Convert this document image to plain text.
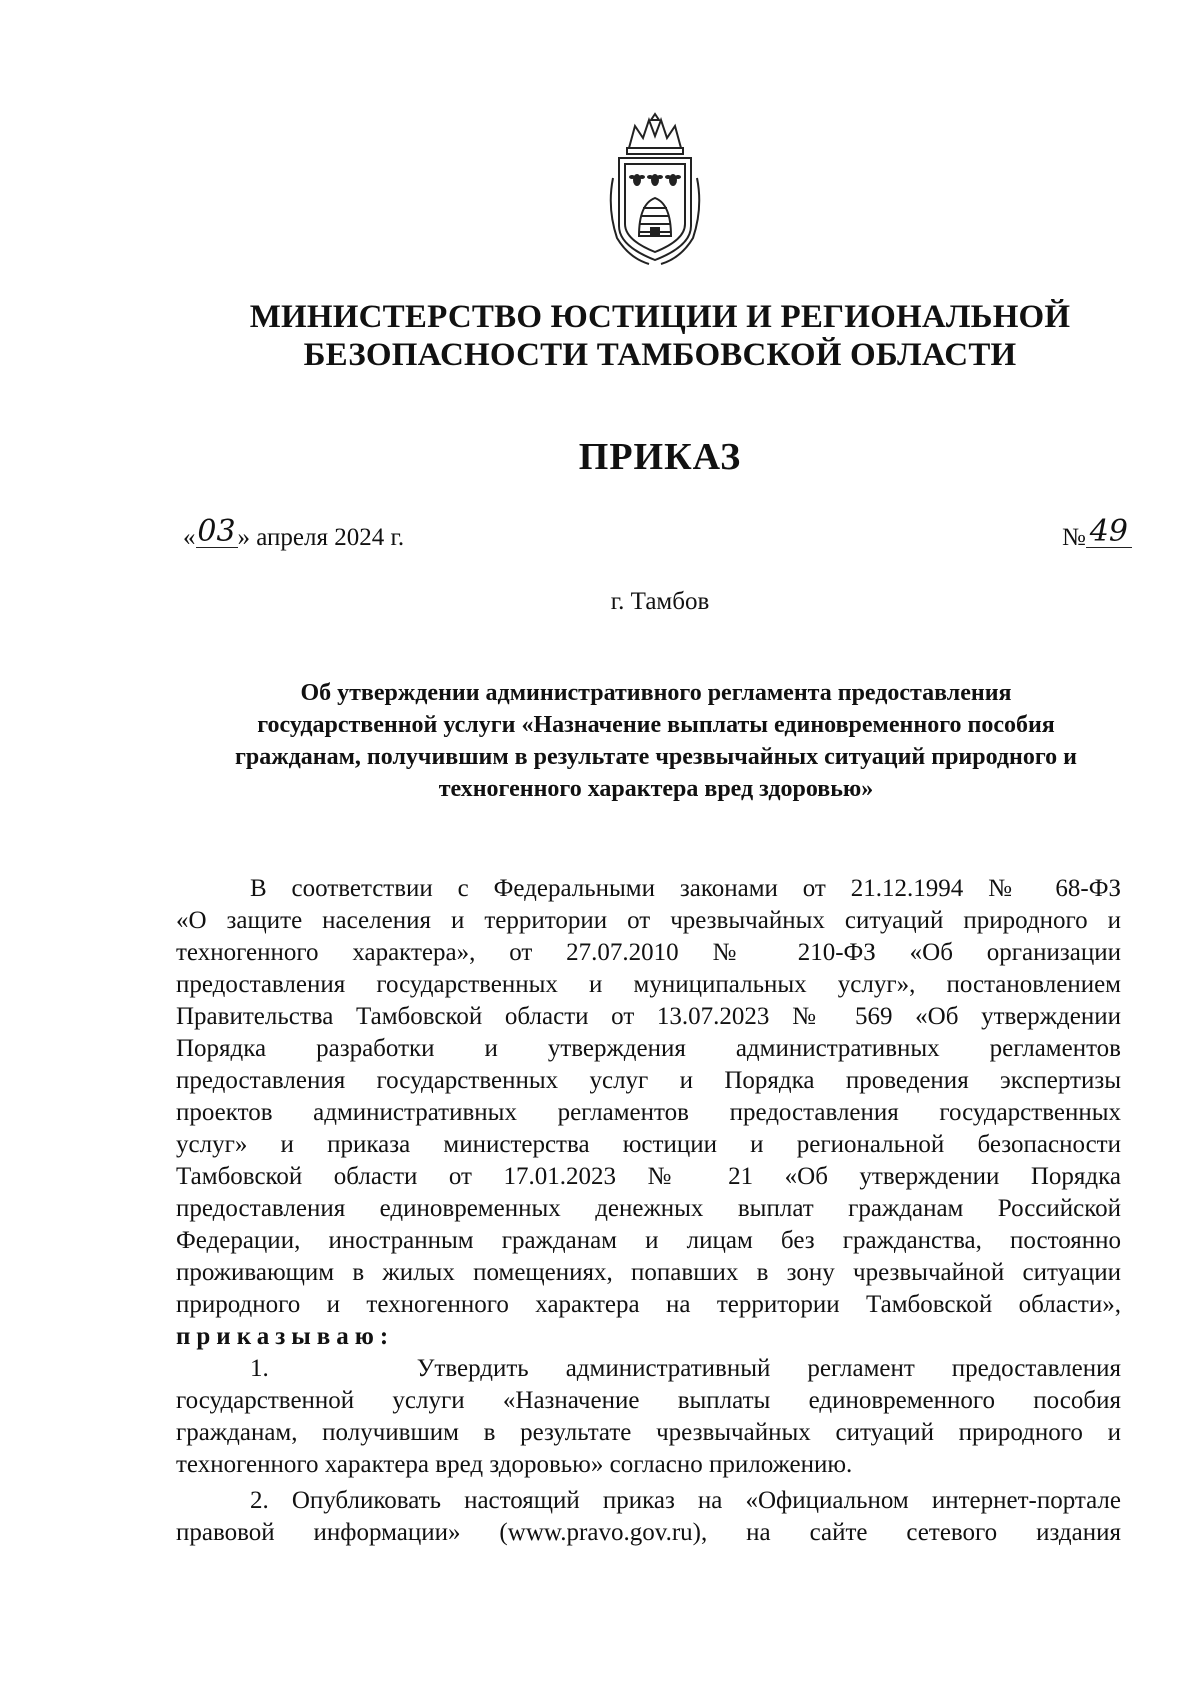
МИНИСТЕРСТВО ЮСТИЦИИ И РЕГИОНАЛЬНОЙ
БЕЗОПАСНОСТИ ТАМБОВСКОЙ ОБЛАСТИ
ПРИКАЗ
«03» апреля 2024 г.	№ 49
г. Тамбов
Об утверждении административного регламента предоставления
государственной услуги «Назначение выплаты единовременного пособия
гражданам, получившим в результате чрезвычайных ситуаций природного и
техногенного характера вред здоровью»
В соответствии с Федеральными законами от 21.12.1994 № 68-ФЗ
«О защите населения и территории от чрезвычайных ситуаций природного и
техногенного характера», от 27.07.2010 № 210-ФЗ «Об организации
предоставления государственных и муниципальных услуг», постановлением
Правительства Тамбовской области от 13.07.2023 № 569 «Об утверждении
Порядка разработки и утверждения административных регламентов
предоставления государственных услуг и Порядка проведения экспертизы
проектов административных регламентов предоставления государственных
услуг» и приказа министерства юстиции и региональной безопасности
Тамбовской области от 17.01.2023 № 21 «Об утверждении Порядка
предоставления единовременных денежных выплат гражданам Российской
Федерации, иностранным гражданам и лицам без гражданства, постоянно
проживающим в жилых помещениях, попавших в зону чрезвычайной ситуации
природного и техногенного характера на территории Тамбовской области»,
приказываю:
1.    Утвердить административный регламент предоставления
государственной услуги «Назначение выплаты единовременного пособия
гражданам, получившим в результате чрезвычайных ситуаций природного и
техногенного характера вред здоровью» согласно приложению.
2. Опубликовать настоящий приказ на «Официальном интернет-портале
правовой информации» (www.pravo.gov.ru), на сайте сетевого издания
